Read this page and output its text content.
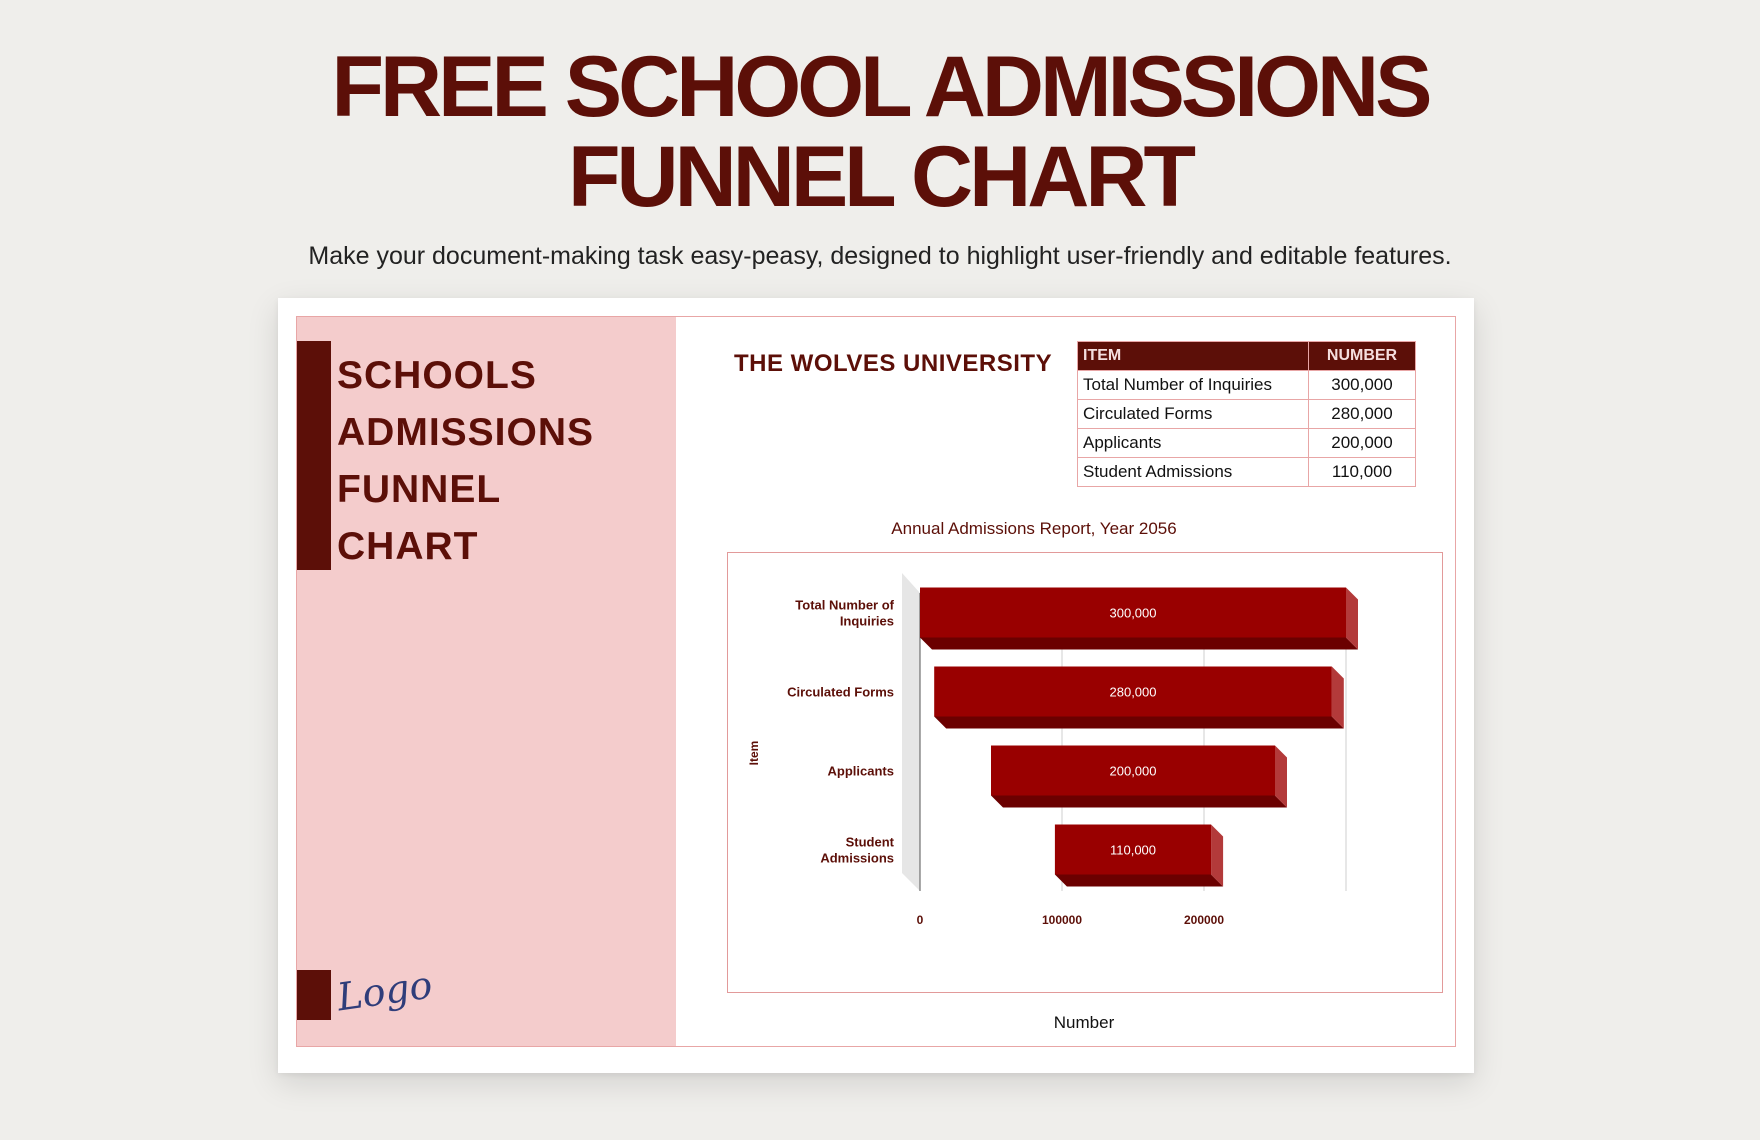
FREE SCHOOL ADMISSIONS
FUNNEL CHART
Make your document-making task easy-peasy, designed to highlight user-friendly and editable features.
SCHOOLS
ADMISSIONS
FUNNEL
CHART
Logo
THE WOLVES UNIVERSITY ITEM	NUMBER
Total Number of Inquiries	300,000
Circulated Forms	280,000
Applicants	200,000
Student Admissions	110,000
Annual Admissions Report, Year 2056
0	100000	200000
Item
300,000
Total Number of
Inquiries
280,000
Circulated Forms
200,000
Applicants
110,000
Student
Admissions
Number
